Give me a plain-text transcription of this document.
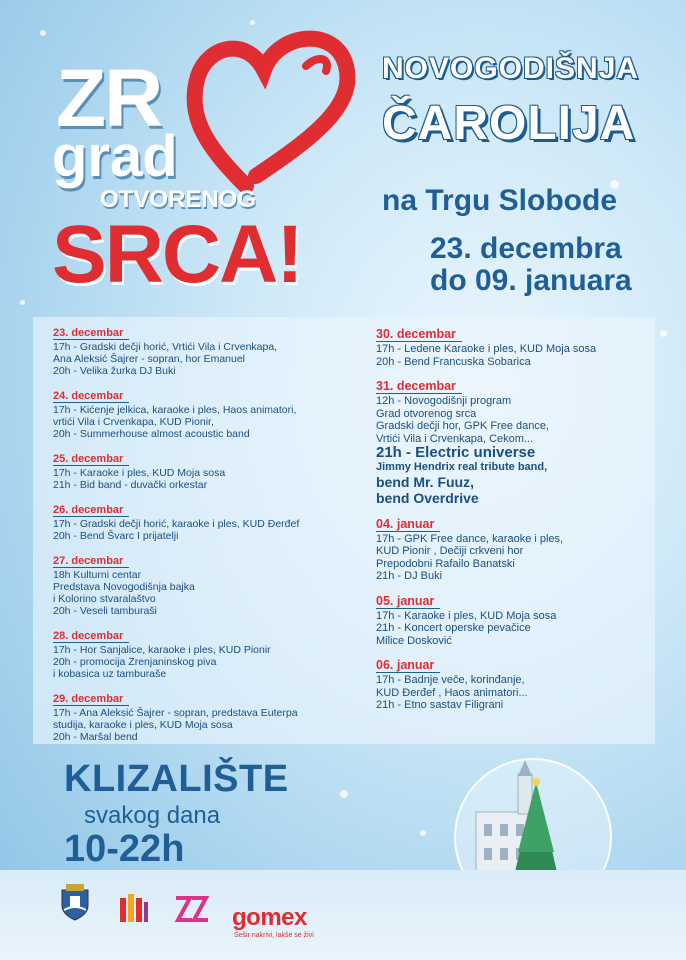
ZR
grad
OTVORENOG
SRCA!
NOVOGODIŠNJA
ČAROLIJA
na Trgu Slobode
23. decembra
do 09. januara
23. decembar
17h - Gradski dečji horić, Vrtići Vila i Crvenkapa,
Ana Aleksić Šajrer - sopran, hor Emanuel
20h - Velika žurka DJ Buki
24. decembar
17h - Kićenje jelkica, karaoke i ples, Haos animatori,
vrtići Vila i Crvenkapa, KUD Pionir,
20h - Summerhouse almost acoustic band
25. decembar
17h - Karaoke i ples, KUD Moja sosa
21h - Bid band - duvački orkestar
26. decembar
17h - Gradski dečji horić, karaoke i ples, KUD Đerđef
20h - Bend Švarc I prijatelji
27. decembar
18h Kulturni centar
Predstava Novogodišnja bajka
i Kolorino stvaralaštvo
20h - Veseli tamburaši
28. decembar
17h - Hor Sanjalice, karaoke i ples, KUD Pionir
20h - promocija Zrenjaninskog piva
i kobasica uz tamburaše
29. decembar
17h - Ana Aleksić Šajrer - sopran, predstava Euterpa
studija, karaoke i ples, KUD Moja sosa
20h - Maršal bend
30. decembar
17h - Ledene Karaoke i ples, KUD Moja sosa
20h - Bend Francuska Sobarica
31. decembar
12h - Novogodišnji program
Grad otvorenog srca
Gradski dečji hor, GPK Free dance,
Vrtići Vila i Crvenkapa, Cekom...
21h - Electric universe
Jimmy Hendrix real tribute band,
bend Mr. Fuuz,
bend Overdrive
04. januar
17h - GPK Free dance, karaoke i ples,
KUD Pionir , Dečiji crkveni hor
Prepodobni Rafailo Banatski
21h - DJ Buki
05. januar
17h - Karaoke i ples, KUD Moja sosa
21h - Koncert operske pevačice
Milice Dosković
06. januar
17h - Badnje veče, korinđanje,
KUD Đerđef , Haos animatori...
21h - Etno sastav Filigrani
KLIZALIŠTE
svakog dana
10-22h
gomex
Šešir nakrivi, lakše se živi
